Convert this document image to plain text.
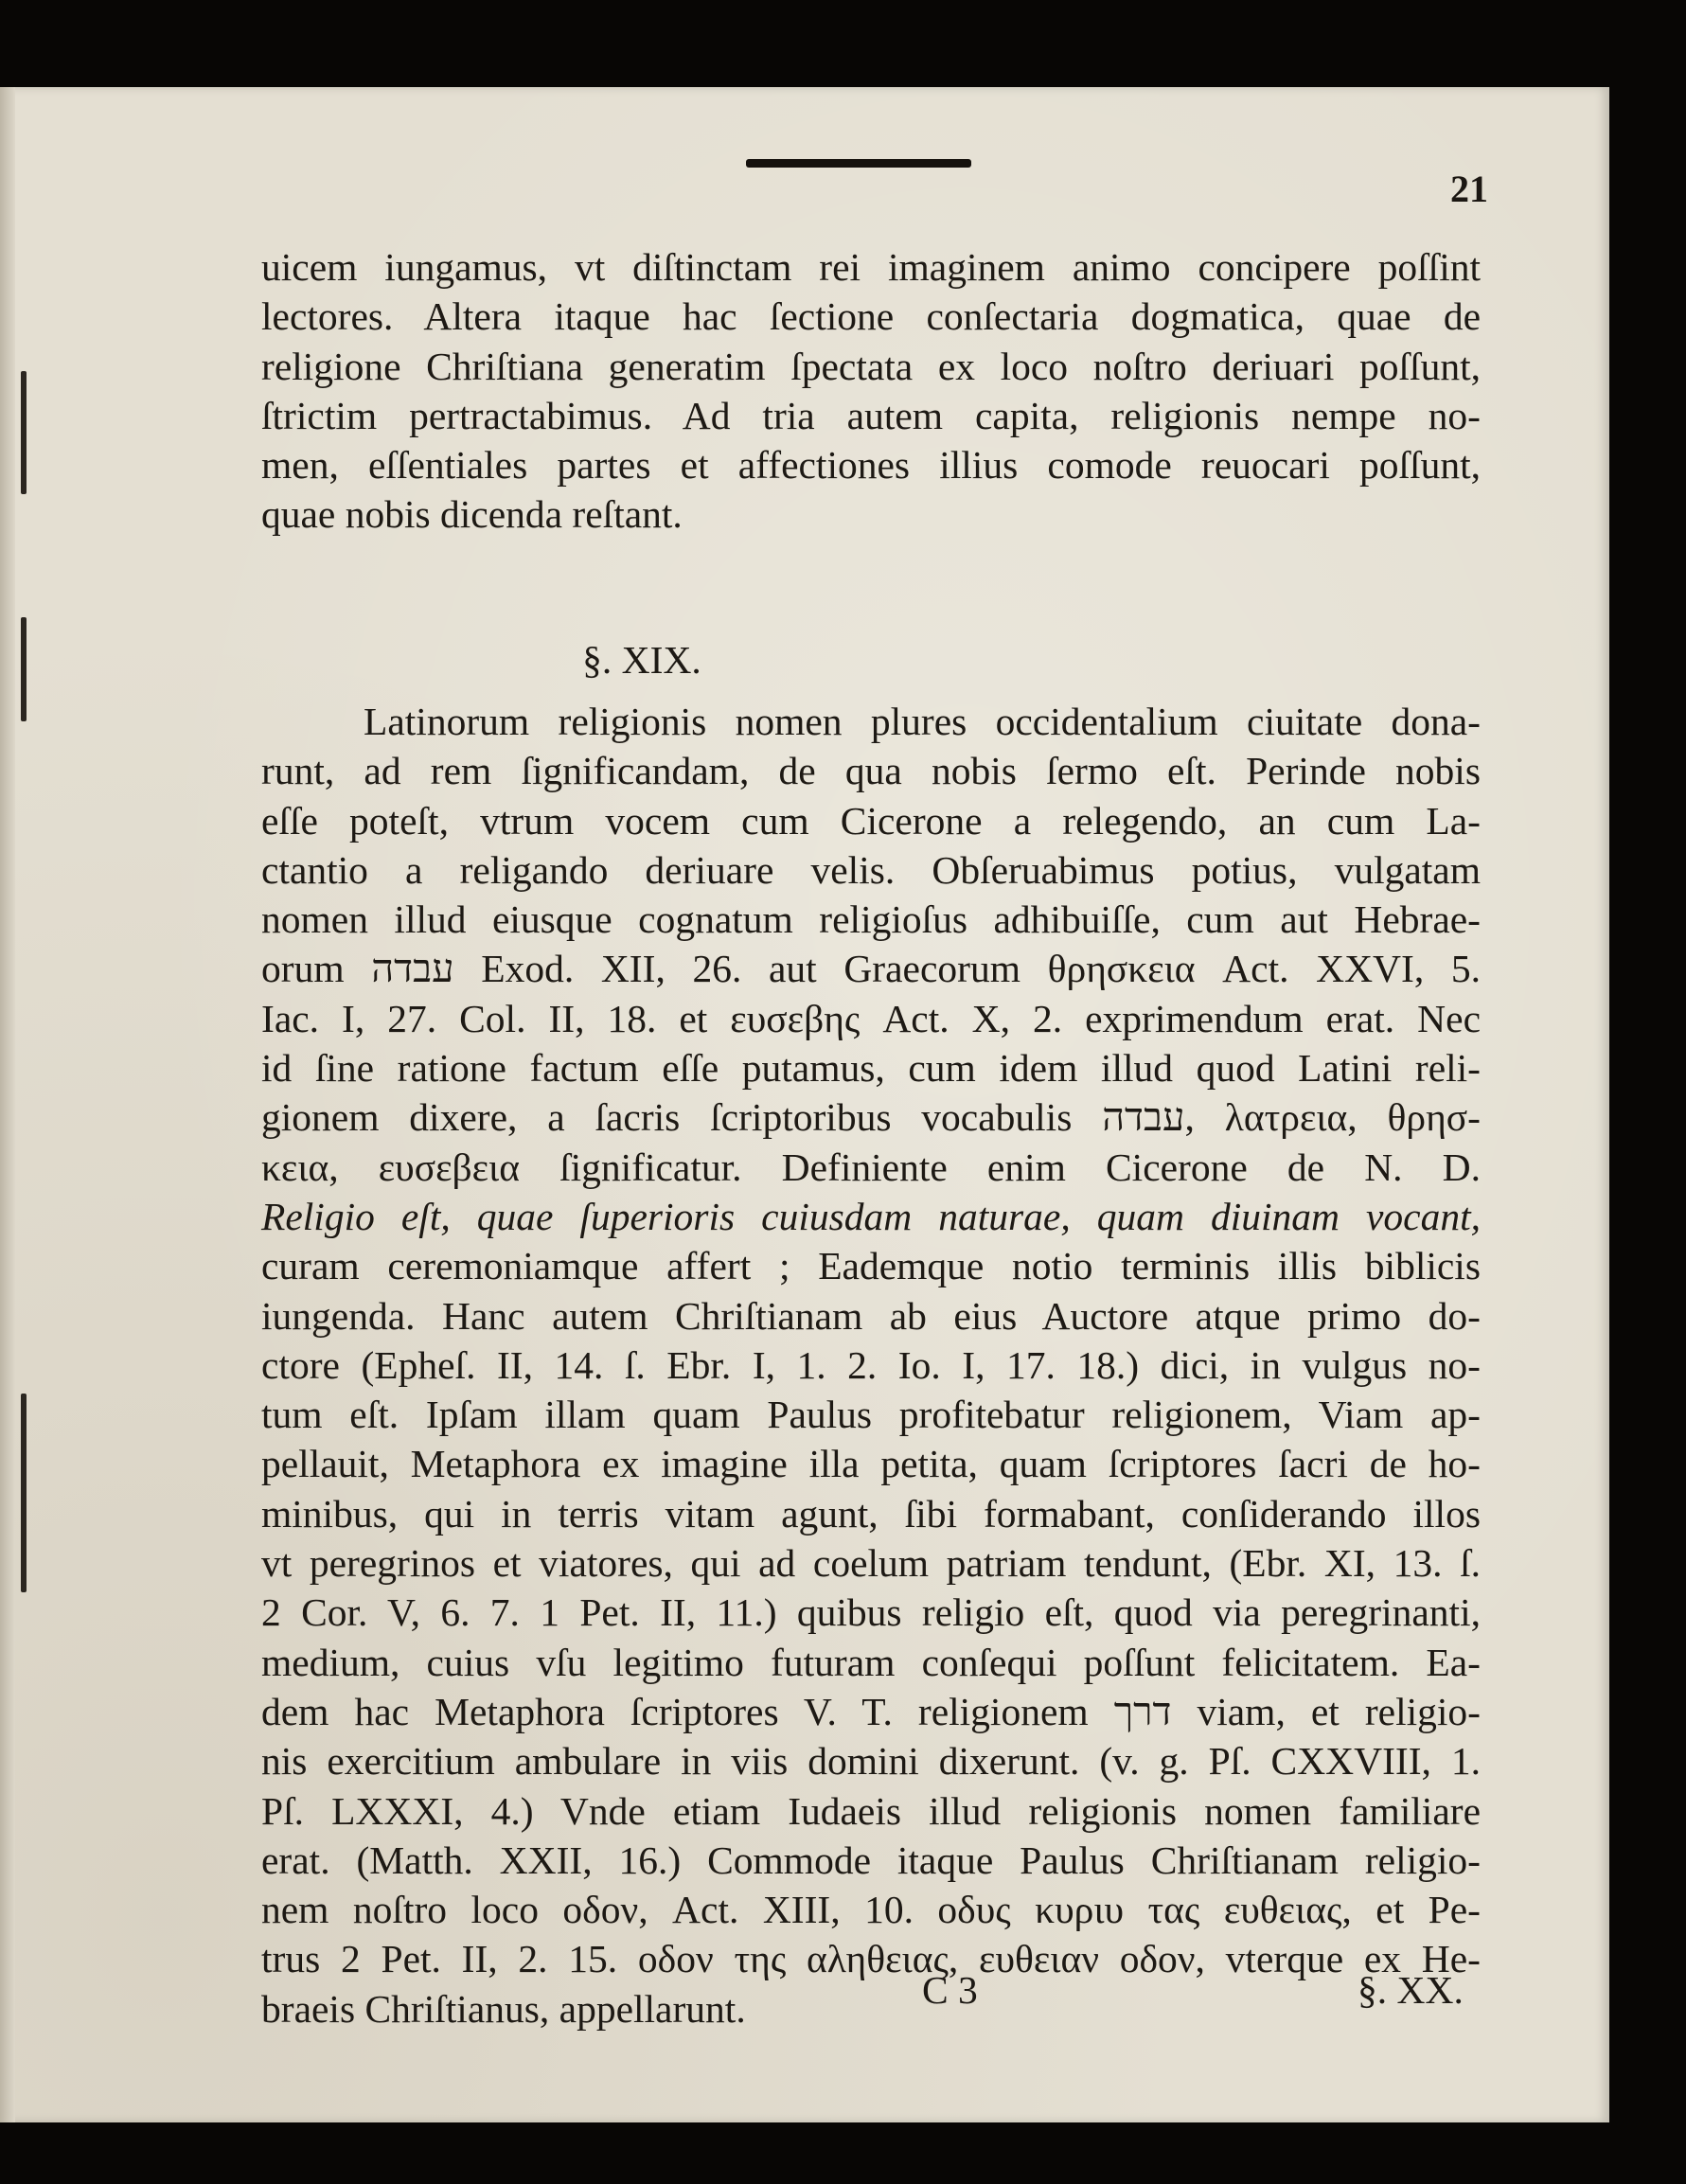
21
uicem iungamus, vt diſtinctam rei imaginem animo concipere poſſint
lectores. Altera itaque hac ſectione conſectaria dogmatica, quae de
religione Chriſtiana generatim ſpectata ex loco noſtro deriuari poſſunt,
ſtrictim pertractabimus. Ad tria autem capita, religionis nempe no-
men, eſſentiales partes et affectiones illius comode reuocari poſſunt,
quae nobis dicenda reſtant.
§. XIX.
Latinorum religionis nomen plures occidentalium ciuitate dona-
runt, ad rem ſignificandam, de qua nobis ſermo eſt. Perinde nobis
eſſe poteſt, vtrum vocem cum Cicerone a relegendo, an cum La-
ctantio a religando deriuare velis. Obſeruabimus potius, vulgatam
nomen illud eiusque cognatum religioſus adhibuiſſe, cum aut Hebrae-
orum עבדה Exod. XII, 26. aut Graecorum θρησκεια Act. XXVI, 5.
Iac. I, 27. Col. II, 18. et ευσεβης Act. X, 2. exprimendum erat. Nec
id ſine ratione factum eſſe putamus, cum idem illud quod Latini reli-
gionem dixere, a ſacris ſcriptoribus vocabulis עבדה, λατρεια, θρησ-
κεια, ευσεβεια ſignificatur. Definiente enim Cicerone de N. D.
Religio eſt, quae ſuperioris cuiusdam naturae, quam diuinam vocant,
curam ceremoniamque affert ; Eademque notio terminis illis biblicis
iungenda. Hanc autem Chriſtianam ab eius Auctore atque primo do-
ctore (Epheſ. II, 14. ſ. Ebr. I, 1. 2. Io. I, 17. 18.) dici, in vulgus no-
tum eſt. Ipſam illam quam Paulus profitebatur religionem, Viam ap-
pellauit, Metaphora ex imagine illa petita, quam ſcriptores ſacri de ho-
minibus, qui in terris vitam agunt, ſibi formabant, conſiderando illos
vt peregrinos et viatores, qui ad coelum patriam tendunt, (Ebr. XI, 13. ſ.
2 Cor. V, 6. 7. 1 Pet. II, 11.) quibus religio eſt, quod via peregrinanti,
medium, cuius vſu legitimo futuram conſequi poſſunt felicitatem. Ea-
dem hac Metaphora ſcriptores V. T. religionem דרך viam, et religio-
nis exercitium ambulare in viis domini dixerunt. (v. g. Pſ. CXXVIII, 1.
Pſ. LXXXI, 4.) Vnde etiam Iudaeis illud religionis nomen familiare
erat. (Matth. XXII, 16.) Commode itaque Paulus Chriſtianam religio-
nem noſtro loco οδον, Act. XIII, 10. οδυς κυριυ τας ευθειας, et Pe-
trus 2 Pet. II, 2. 15. οδον της αληθειας, ευθειαν οδον, vterque ex He-
braeis Chriſtianus, appellarunt.	C 3	§. XX.
